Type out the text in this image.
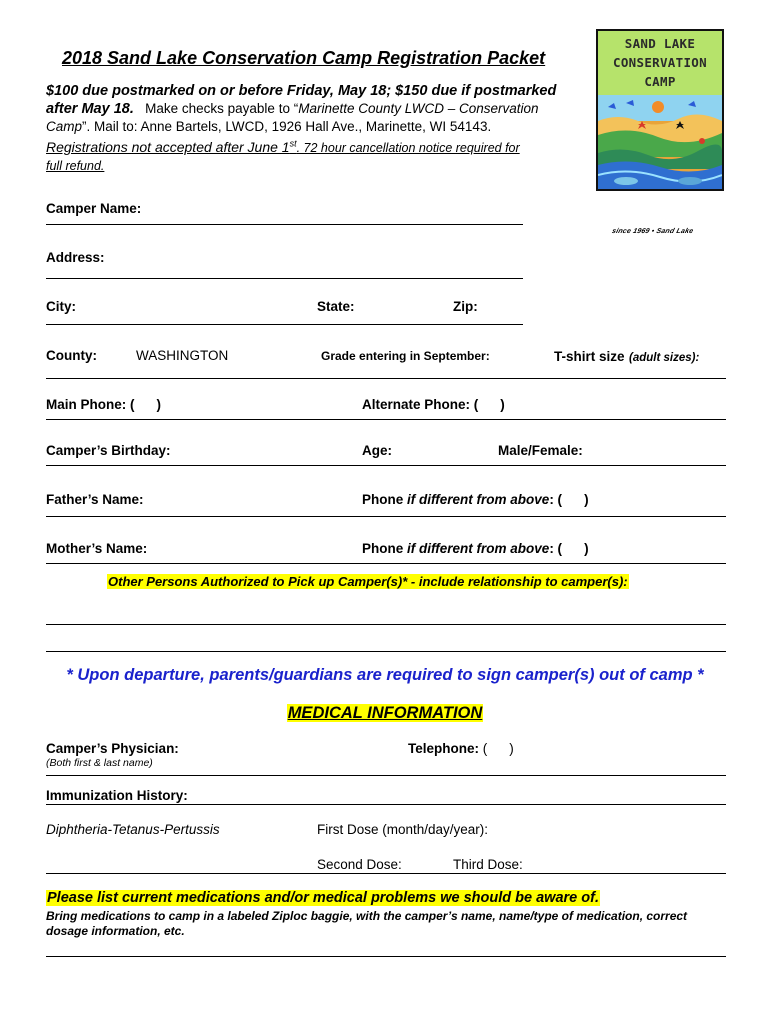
2018 Sand Lake Conservation Camp Registration Packet
$100 due postmarked on or before Friday, May 18; $150 due if postmarked
after May 18. Make checks payable to “Marinette County LWCD – Conservation
Camp”. Mail to: Anne Bartels, LWCD, 1926 Hall Ave., Marinette, WI 54143.
Registrations not accepted after June 1st. 72 hour cancellation notice required for
full refund.
SAND LAKE
CONSERVATION
CAMP
since 1969 • Sand Lake
Camper Name:
Address:
City:	State:	Zip:
County:	WASHINGTON	Grade entering in September:	T-shirt size (adult sizes):
Main Phone: ( )	Alternate Phone: ( )
Camper’s Birthday:	Age:	Male/Female:
Father’s Name:	Phone if different from above: ( )
Mother’s Name:	Phone if different from above: ( )
Other Persons Authorized to Pick up Camper(s)* - include relationship to camper(s):
* Upon departure, parents/guardians are required to sign camper(s) out of camp *
MEDICAL INFORMATION
Camper’s Physician:
(Both first & last name)
Telephone: ( )
Immunization History:
Diphtheria-Tetanus-Pertussis	First Dose (month/day/year):
Second Dose:	Third Dose:
Please list current medications and/or medical problems we should be aware of.
Bring medications to camp in a labeled Ziploc baggie, with the camper’s name, name/type of medication, correct dosage information, etc.
